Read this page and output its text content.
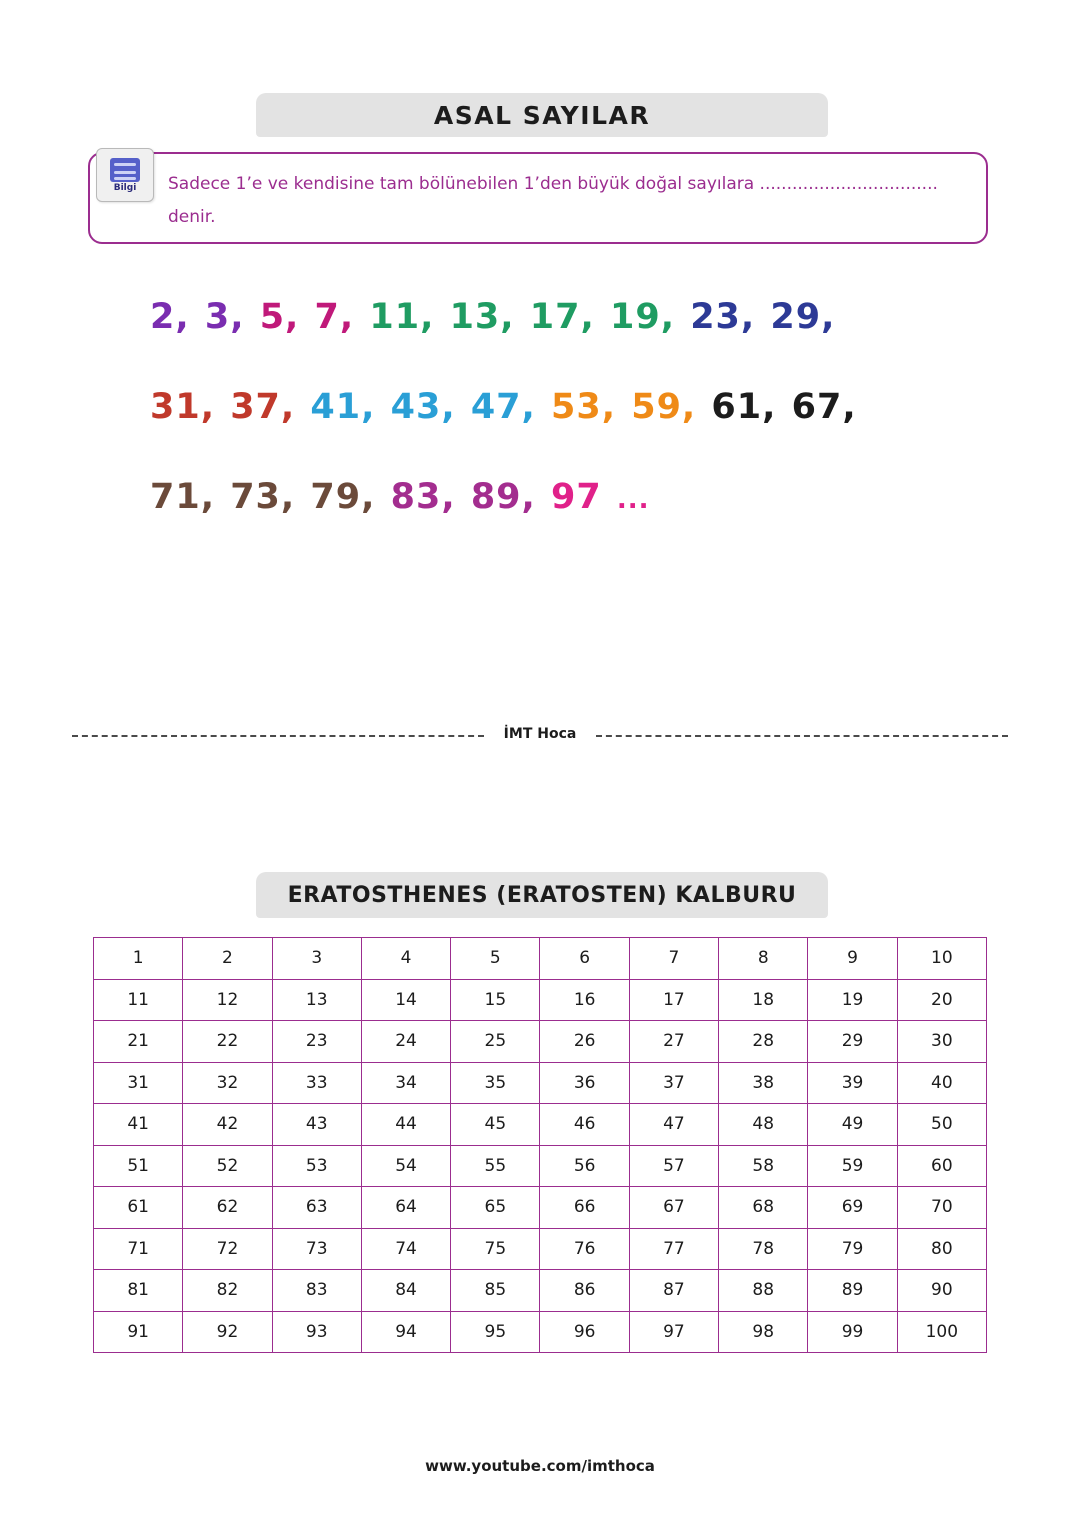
ASAL SAYILAR
Sadece 1’e ve kendisine tam bölünebilen 1’den büyük doğal sayılara ................................. denir.
Bilgi
2, 3, 5, 7, 11, 13, 17, 19, 23, 29,
31, 37, 41, 43, 47, 53, 59, 61, 67,
71, 73, 79, 83, 89, 97 ...
İMT Hoca
ERATOSTHENES (ERATOSTEN) KALBURU
1	2	3	4	5	6	7	8	9	10
11	12	13	14	15	16	17	18	19	20
21	22	23	24	25	26	27	28	29	30
31	32	33	34	35	36	37	38	39	40
41	42	43	44	45	46	47	48	49	50
51	52	53	54	55	56	57	58	59	60
61	62	63	64	65	66	67	68	69	70
71	72	73	74	75	76	77	78	79	80
81	82	83	84	85	86	87	88	89	90
91	92	93	94	95	96	97	98	99	100
www.youtube.com/imthoca
